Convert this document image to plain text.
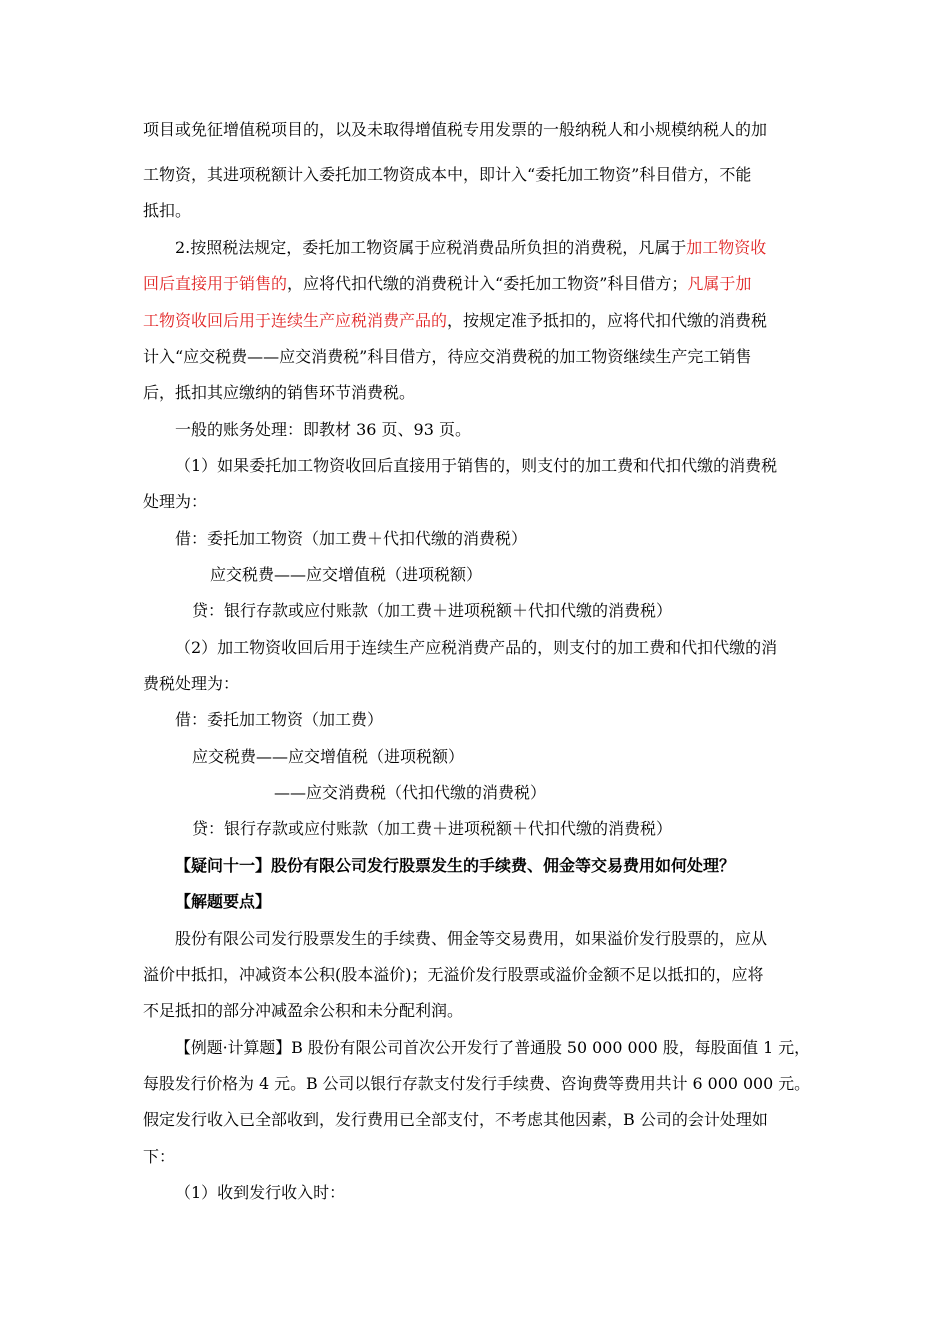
项目或免征增值税项目的，以及未取得增值税专用发票的一般纳税人和小规模纳税人的加
工物资，其进项税额计入委托加工物资成本中，即计入“委托加工物资”科目借方，不能
抵扣。
2.按照税法规定，委托加工物资属于应税消费品所负担的消费税，凡属于加工物资收
回后直接用于销售的，应将代扣代缴的消费税计入“委托加工物资”科目借方；凡属于加
工物资收回后用于连续生产应税消费产品的，按规定准予抵扣的，应将代扣代缴的消费税
计入“应交税费——应交消费税”科目借方，待应交消费税的加工物资继续生产完工销售
后，抵扣其应缴纳的销售环节消费税。
一般的账务处理：即教材 36 页、93 页。
（1）如果委托加工物资收回后直接用于销售的，则支付的加工费和代扣代缴的消费税
处理为：
借：委托加工物资（加工费＋代扣代缴的消费税）
应交税费——应交增值税（进项税额）
贷：银行存款或应付账款（加工费＋进项税额＋代扣代缴的消费税）
（2）加工物资收回后用于连续生产应税消费产品的，则支付的加工费和代扣代缴的消
费税处理为：
借：委托加工物资（加工费）
应交税费——应交增值税（进项税额）
——应交消费税（代扣代缴的消费税）
贷：银行存款或应付账款（加工费＋进项税额＋代扣代缴的消费税）
【疑问十一】股份有限公司发行股票发生的手续费、佣金等交易费用如何处理？
【解题要点】
股份有限公司发行股票发生的手续费、佣金等交易费用，如果溢价发行股票的，应从
溢价中抵扣，冲减资本公积(股本溢价)；无溢价发行股票或溢价金额不足以抵扣的，应将
不足抵扣的部分冲减盈余公积和未分配利润。
【例题·计算题】B 股份有限公司首次公开发行了普通股 50 000 000 股，每股面值 1 元，
每股发行价格为 4 元。B 公司以银行存款支付发行手续费、咨询费等费用共计 6 000 000 元。
假定发行收入已全部收到，发行费用已全部支付，不考虑其他因素，B 公司的会计处理如
下：
（1）收到发行收入时：
